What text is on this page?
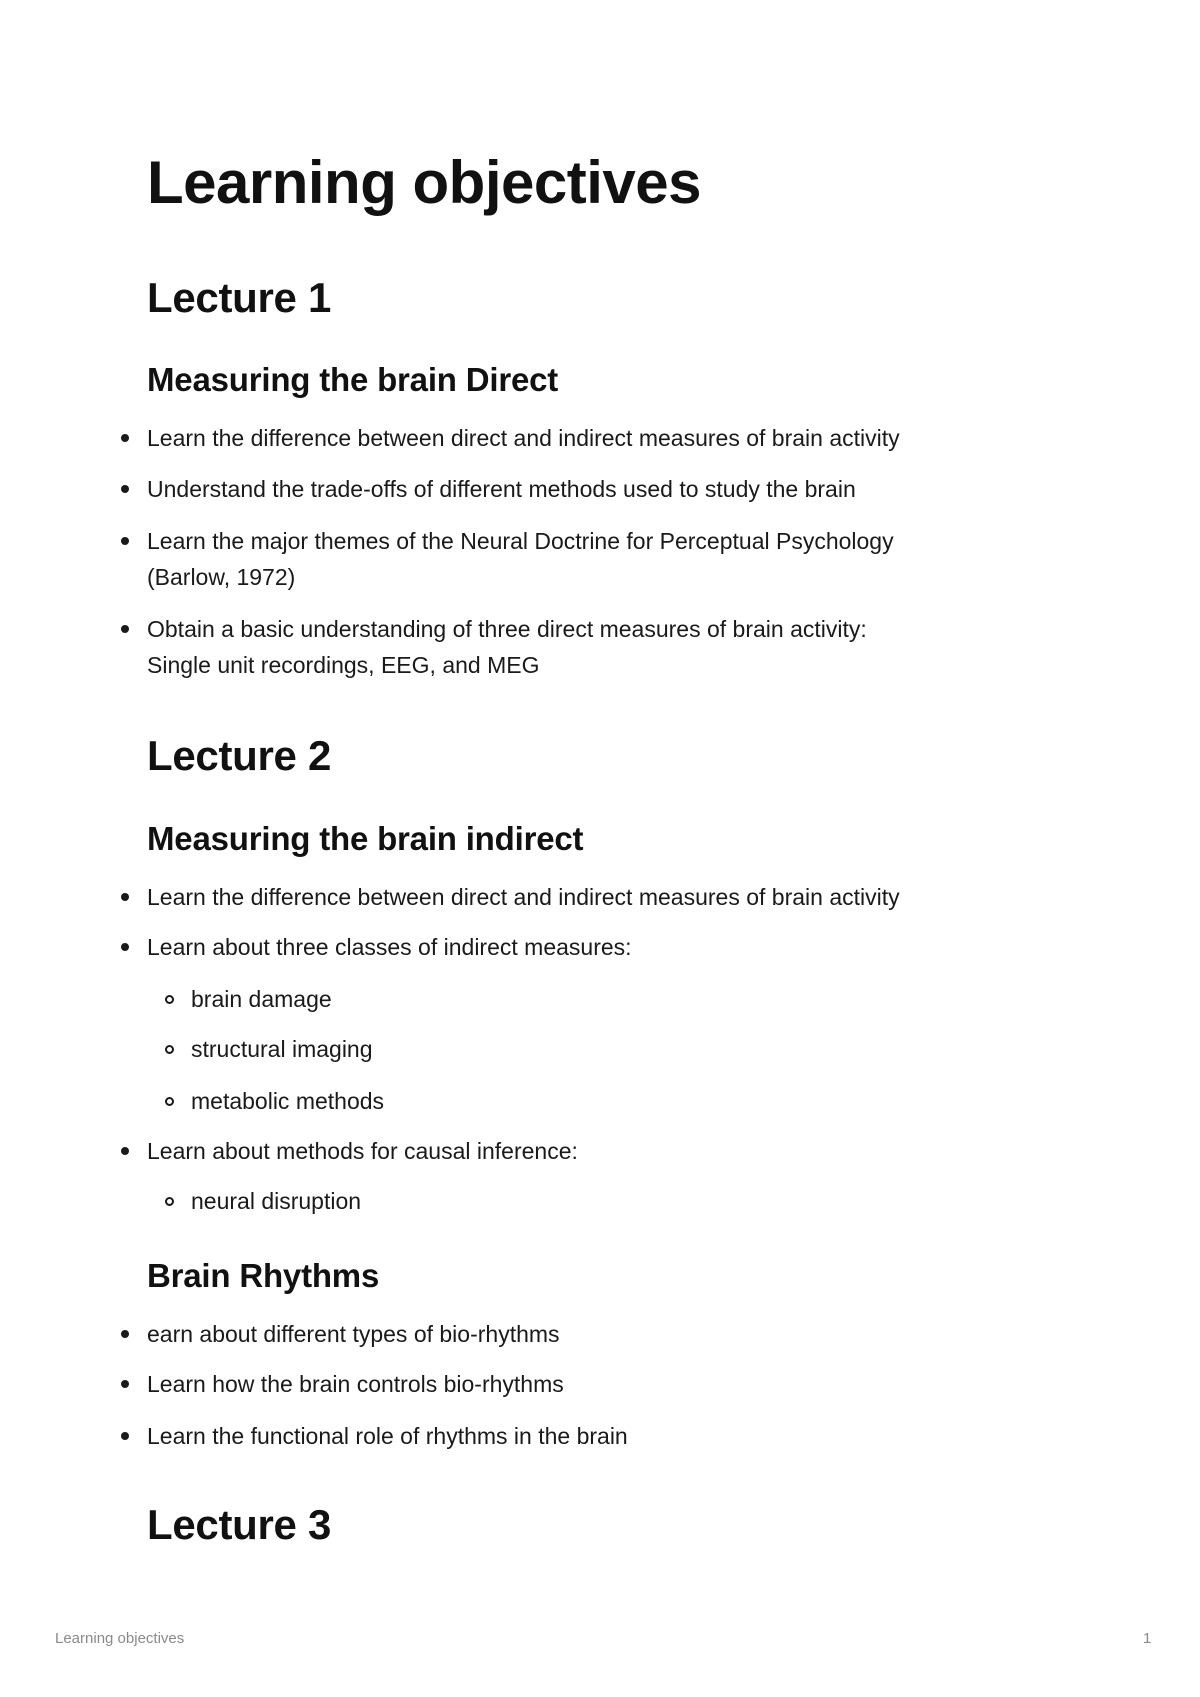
Learning objectives
Lecture 1
Measuring the brain Direct
Learn the difference between direct and indirect measures of brain activity
Understand the trade-offs of different methods used to study the brain
Learn the major themes of the Neural Doctrine for Perceptual Psychology
(Barlow, 1972)
Obtain a basic understanding of three direct measures of brain activity:
Single unit recordings, EEG, and MEG
Lecture 2
Measuring the brain indirect
Learn the difference between direct and indirect measures of brain activity
Learn about three classes of indirect measures:
brain damage
structural imaging
metabolic methods
Learn about methods for causal inference:
neural disruption
Brain Rhythms
earn about different types of bio-rhythms
Learn how the brain controls bio-rhythms
Learn the functional role of rhythms in the brain
Lecture 3
Learning objectives	1
